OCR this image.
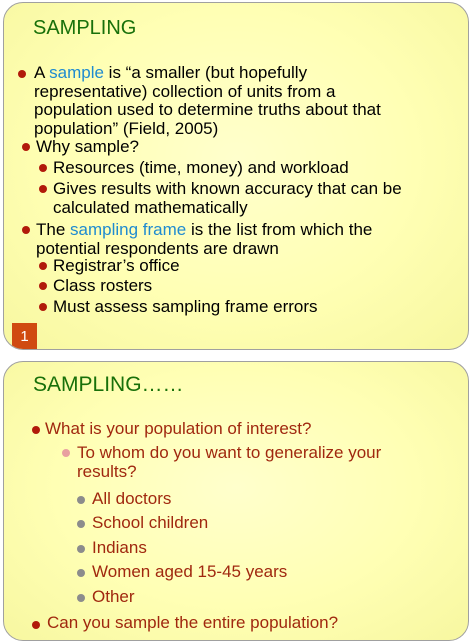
SAMPLING
A sample is “a smaller (but hopefully
representative) collection of units from a
population used to determine truths about that
population” (Field, 2005)
Why sample?
Resources (time, money) and workload
Gives results with known accuracy that can be
calculated mathematically
The sampling frame is the list from which the
potential respondents are drawn
Registrar’s office
Class rosters
Must assess sampling frame errors
1
SAMPLING……
What is your population of interest?
To whom do you want to generalize your
results?
All doctors
School children
Indians
Women aged 15-45 years
Other
Can you sample the entire population?
